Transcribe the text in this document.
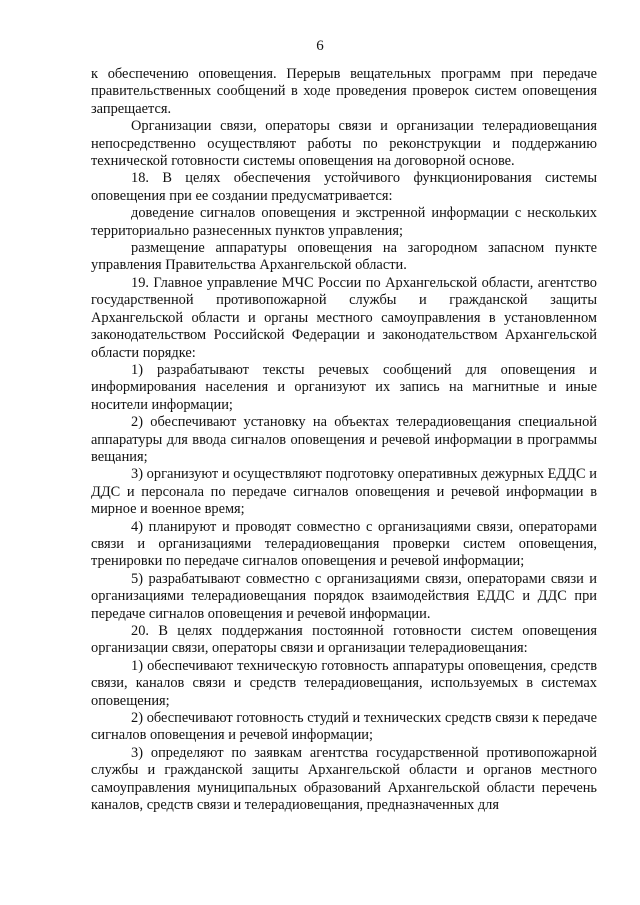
6

к обеспечению оповещения. Перерыв вещательных программ при передаче правительственных сообщений в ходе проведения проверок систем оповещения запрещается.

Организации связи, операторы связи и организации телерадиовещания непосредственно осуществляют работы по реконструкции и поддержанию технической готовности системы оповещения на договорной основе.

18. В целях обеспечения устойчивого функционирования системы оповещения при ее создании предусматривается:

доведение сигналов оповещения и экстренной информации с нескольких территориально разнесенных пунктов управления;

размещение аппаратуры оповещения на загородном запасном пункте управления Правительства Архангельской области.

19. Главное управление МЧС России по Архангельской области, агентство государственной противопожарной службы и гражданской защиты Архангельской области и органы местного самоуправления в установленном законодательством Российской Федерации и законодательством Архангельской области порядке:

1) разрабатывают тексты речевых сообщений для оповещения и информирования населения и организуют их запись на магнитные и иные носители информации;

2) обеспечивают установку на объектах телерадиовещания специальной аппаратуры для ввода сигналов оповещения и речевой информации в программы вещания;

3) организуют и осуществляют подготовку оперативных дежурных ЕДДС и ДДС и персонала по передаче сигналов оповещения и речевой информации в мирное и военное время;

4) планируют и проводят совместно с организациями связи, операторами связи и организациями телерадиовещания проверки систем оповещения, тренировки по передаче сигналов оповещения и речевой информации;

5) разрабатывают совместно с организациями связи, операторами связи и организациями телерадиовещания порядок взаимодействия ЕДДС и ДДС при передаче сигналов оповещения и речевой информации.

20. В целях поддержания постоянной готовности систем оповещения организации связи, операторы связи и организации телерадиовещания:

1) обеспечивают техническую готовность аппаратуры оповещения, средств связи, каналов связи и средств телерадиовещания, используемых в системах оповещения;

2) обеспечивают готовность студий и технических средств связи к передаче сигналов оповещения и речевой информации;

3) определяют по заявкам агентства государственной противопожарной службы и гражданской защиты Архангельской области и органов местного самоуправления муниципальных образований Архангельской области перечень каналов, средств связи и телерадиовещания, предназначенных для
